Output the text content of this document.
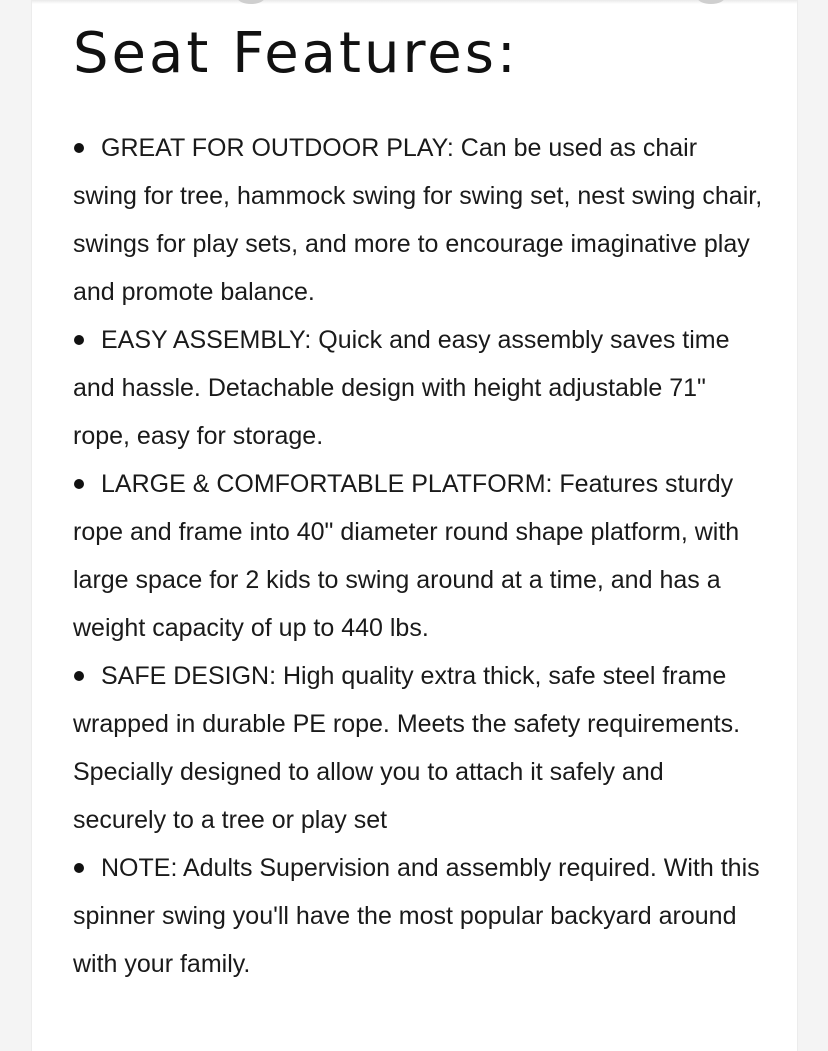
Seat Features:
GREAT FOR OUTDOOR PLAY: Can be used as chair swing for tree, hammock swing for swing set, nest swing chair, swings for play sets, and more to encourage imaginative play and promote balance.
EASY ASSEMBLY: Quick and easy assembly saves time and hassle. Detachable design with height adjustable 71" rope, easy for storage.
LARGE & COMFORTABLE PLATFORM: Features sturdy rope and frame into 40" diameter round shape platform, with large space for 2 kids to swing around at a time, and has a weight capacity of up to 440 lbs.
SAFE DESIGN: High quality extra thick, safe steel frame wrapped in durable PE rope. Meets the safety requirements. Specially designed to allow you to attach it safely and securely to a tree or play set
NOTE: Adults Supervision and assembly required. With this spinner swing you'll have the most popular backyard around with your family.
